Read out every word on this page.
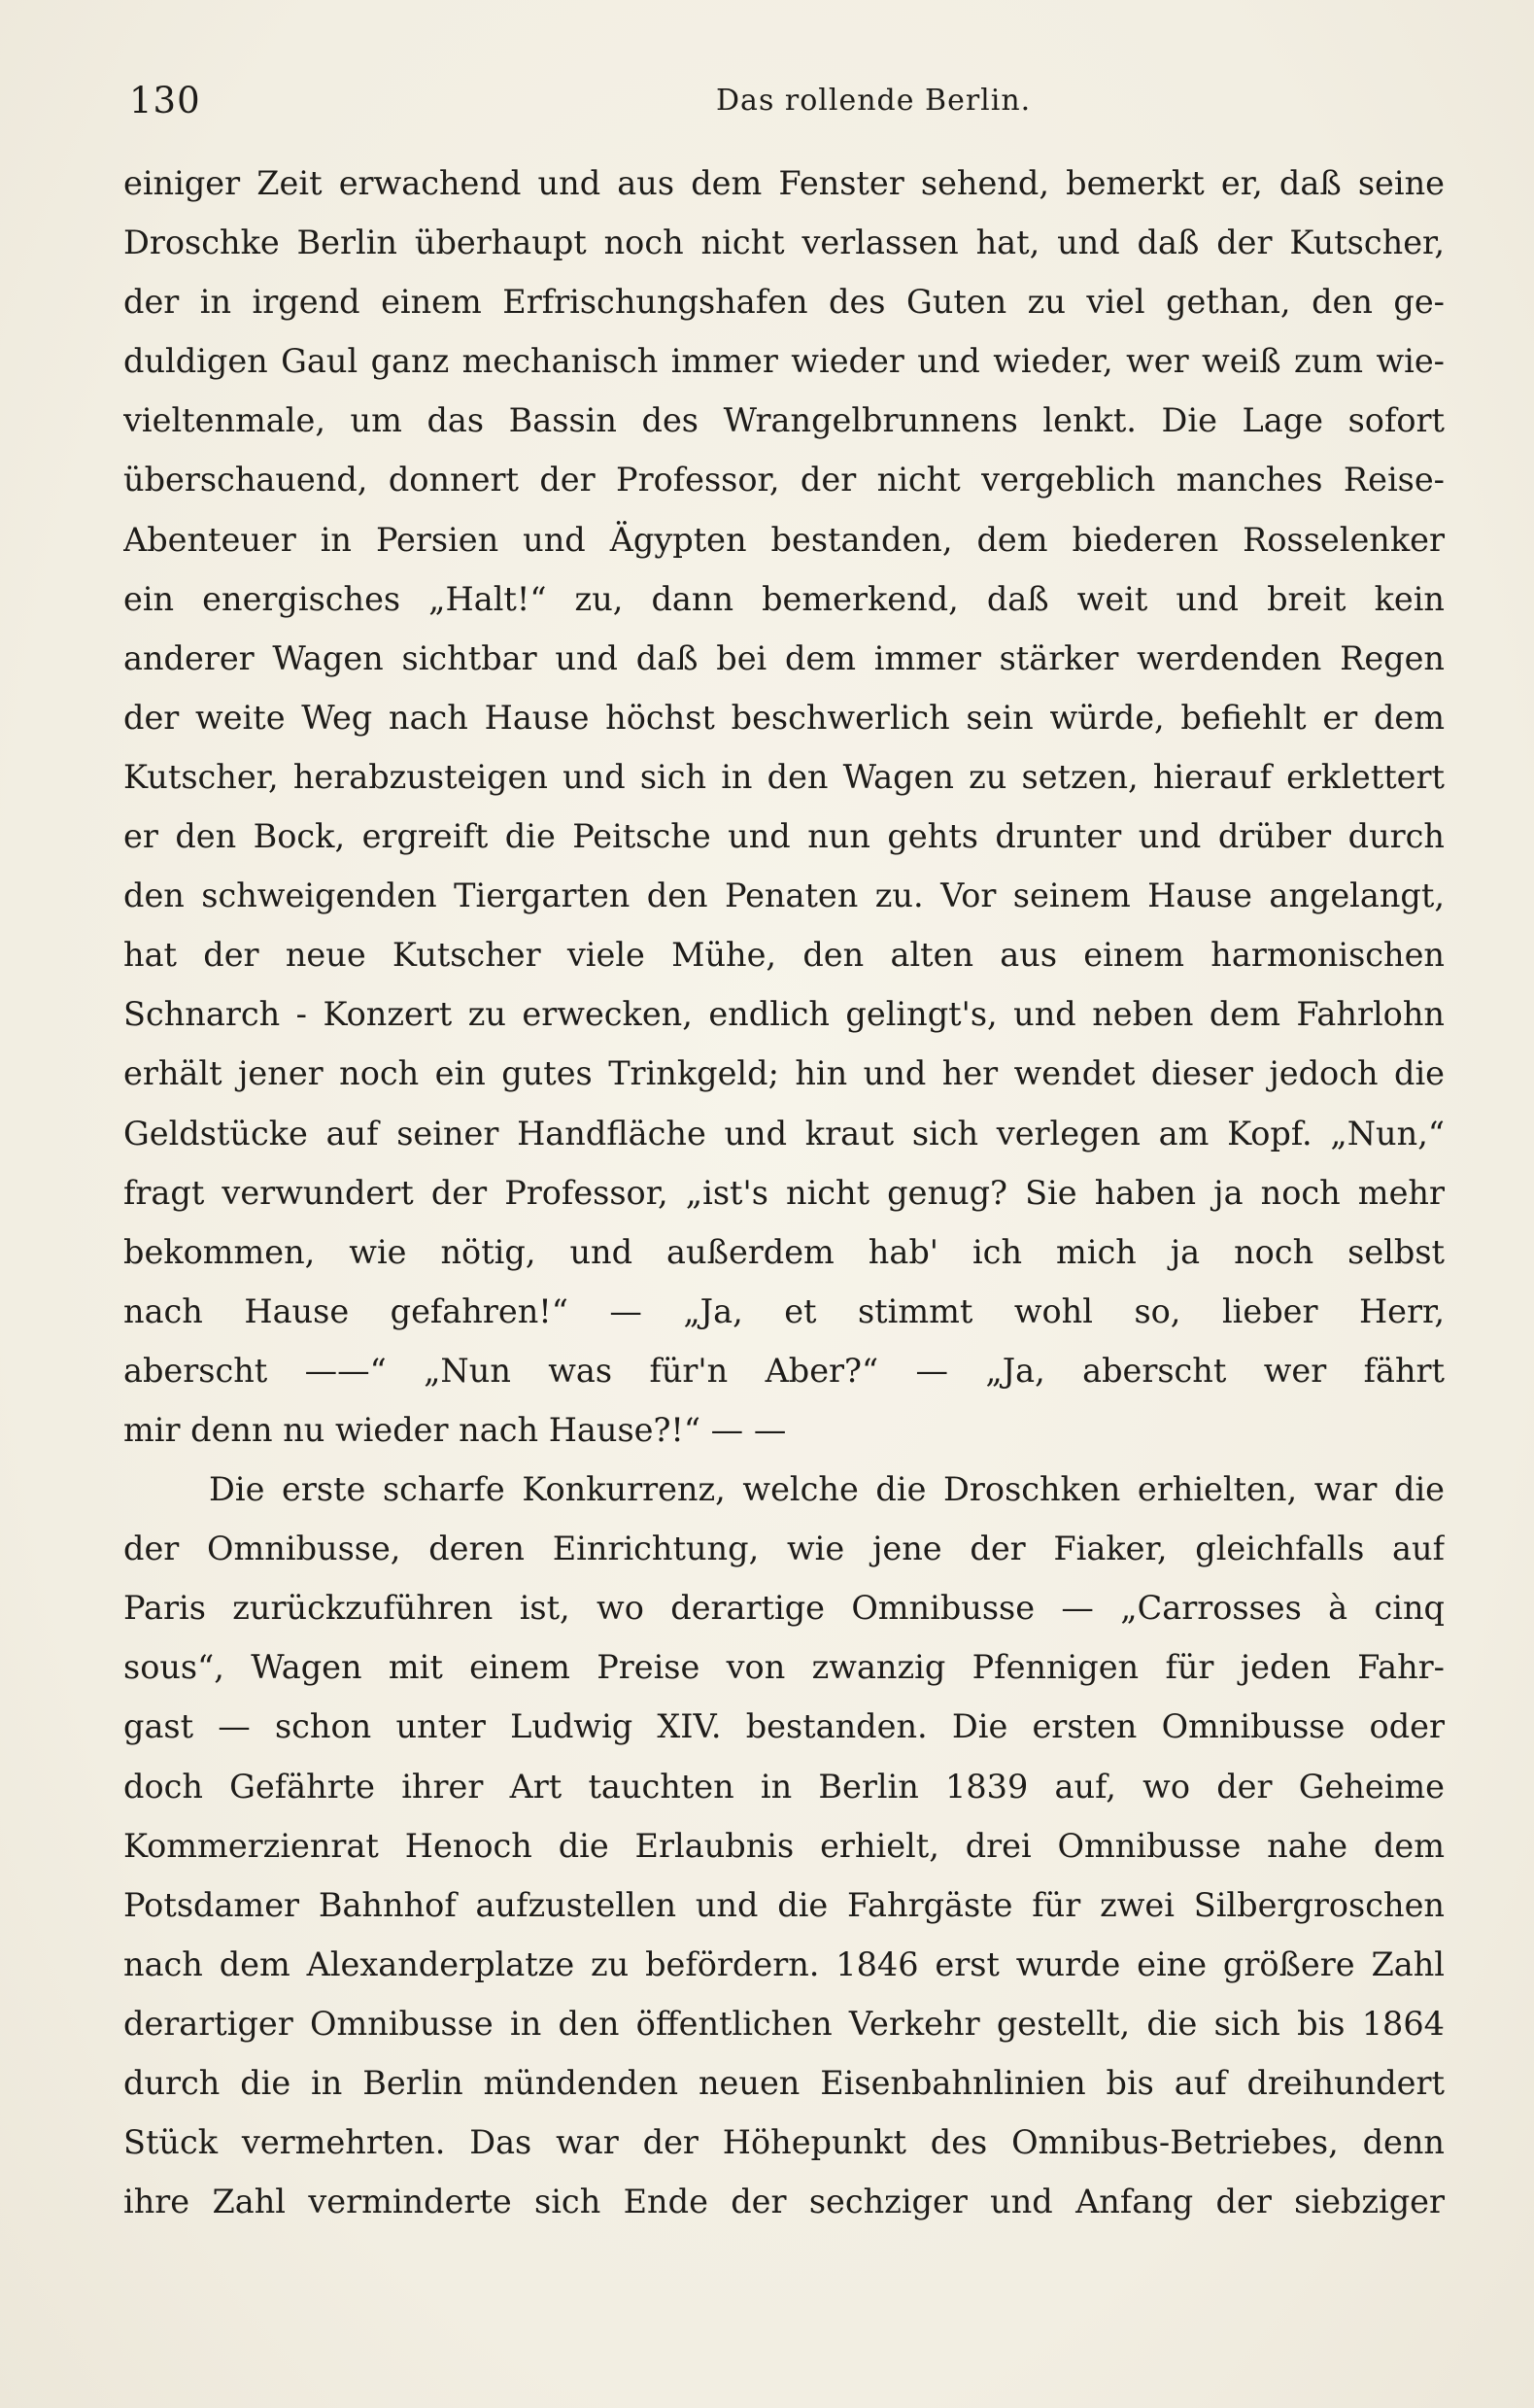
130	Das rollende Berlin.
einiger Zeit erwachend und aus dem Fenster sehend, bemerkt er, daß seine
Droschke Berlin überhaupt noch nicht verlassen hat, und daß der Kutscher,
der in irgend einem Erfrischungshafen des Guten zu viel gethan, den ge-
duldigen Gaul ganz mechanisch immer wieder und wieder, wer weiß zum wie-
vieltenmale, um das Bassin des Wrangelbrunnens lenkt. Die Lage sofort
überschauend, donnert der Professor, der nicht vergeblich manches Reise-
Abenteuer in Persien und Ägypten bestanden, dem biederen Rosselenker
ein energisches „Halt!“ zu, dann bemerkend, daß weit und breit kein
anderer Wagen sichtbar und daß bei dem immer stärker werdenden Regen
der weite Weg nach Hause höchst beschwerlich sein würde, befiehlt er dem
Kutscher, herabzusteigen und sich in den Wagen zu setzen, hierauf erklettert
er den Bock, ergreift die Peitsche und nun gehts drunter und drüber durch
den schweigenden Tiergarten den Penaten zu. Vor seinem Hause angelangt,
hat der neue Kutscher viele Mühe, den alten aus einem harmonischen
Schnarch - Konzert zu erwecken, endlich gelingt's, und neben dem Fahrlohn
erhält jener noch ein gutes Trinkgeld; hin und her wendet dieser jedoch die
Geldstücke auf seiner Handfläche und kraut sich verlegen am Kopf. „Nun,“
fragt verwundert der Professor, „ist's nicht genug? Sie haben ja noch mehr
bekommen, wie nötig, und außerdem hab' ich mich ja noch selbst
nach Hause gefahren!“ — „Ja, et stimmt wohl so, lieber Herr,
aberscht ——“ „Nun was für'n Aber?“ — „Ja, aberscht wer fährt
mir denn nu wieder nach Hause?!“ — —
Die erste scharfe Konkurrenz, welche die Droschken erhielten, war die
der Omnibusse, deren Einrichtung, wie jene der Fiaker, gleichfalls auf
Paris zurückzuführen ist, wo derartige Omnibusse — „Carrosses à cinq
sous“, Wagen mit einem Preise von zwanzig Pfennigen für jeden Fahr-
gast — schon unter Ludwig XIV. bestanden. Die ersten Omnibusse oder
doch Gefährte ihrer Art tauchten in Berlin 1839 auf, wo der Geheime
Kommerzienrat Henoch die Erlaubnis erhielt, drei Omnibusse nahe dem
Potsdamer Bahnhof aufzustellen und die Fahrgäste für zwei Silbergroschen
nach dem Alexanderplatze zu befördern. 1846 erst wurde eine größere Zahl
derartiger Omnibusse in den öffentlichen Verkehr gestellt, die sich bis 1864
durch die in Berlin mündenden neuen Eisenbahnlinien bis auf dreihundert
Stück vermehrten. Das war der Höhepunkt des Omnibus-Betriebes, denn
ihre Zahl verminderte sich Ende der sechziger und Anfang der siebziger
